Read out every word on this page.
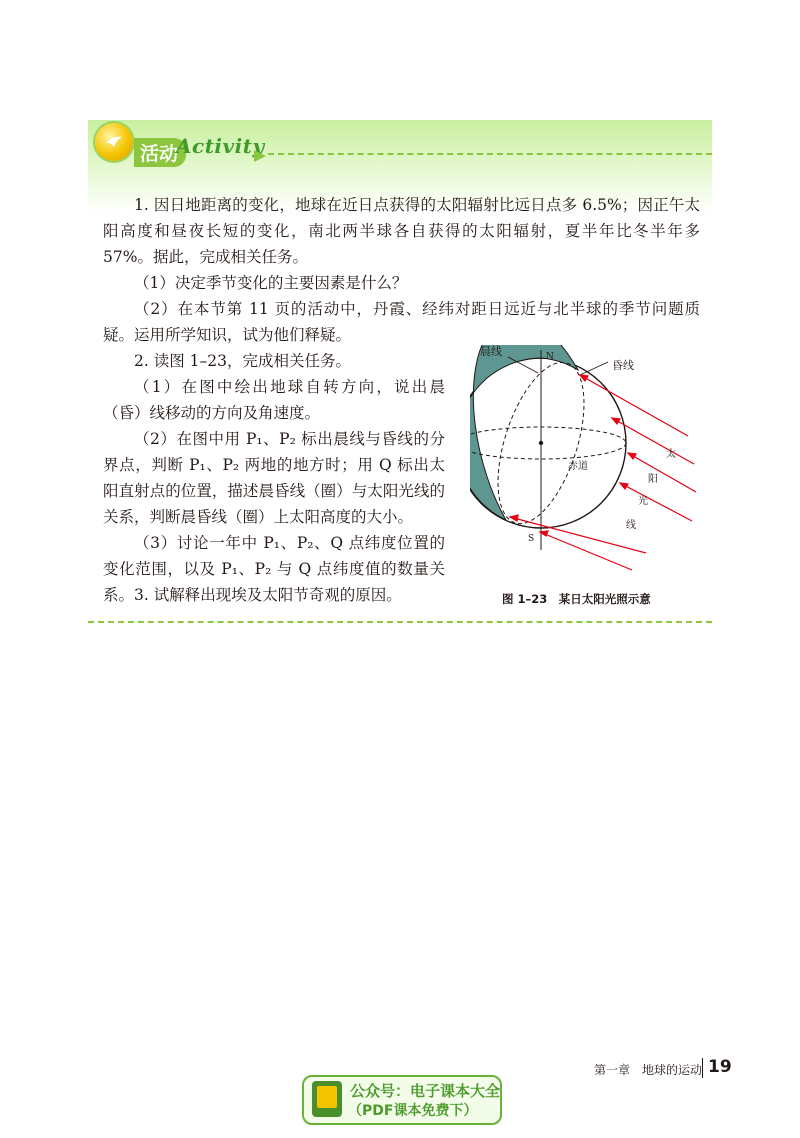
活动
Activity

1. 因日地距离的变化，地球在近日点获得的太阳辐射比远日点多 6.5%；因正午太阳高度和昼夜长短的变化，南北两半球各自获得的太阳辐射，夏半年比冬半年多 57%。据此，完成相关任务。

（1）决定季节变化的主要因素是什么？

（2）在本节第 11 页的活动中，丹霞、经纬对距日远近与北半球的季节问题质疑。运用所学知识，试为他们释疑。

2. 读图 1–23，完成相关任务。

（1）在图中绘出地球自转方向，说出晨（昏）线移动的方向及角速度。

（2）在图中用 P₁、P₂ 标出晨线与昏线的分界点，判断 P₁、P₂ 两地的地方时；用 Q 标出太阳直射点的位置，描述晨昏线（圈）与太阳光线的关系，判断晨昏线（圈）上太阳高度的大小。

（3）讨论一年中 P₁、P₂、Q 点纬度位置的变化范围，以及 P₁、P₂ 与 Q 点纬度值的数量关系。 3. 试解释出现埃及太阳节奇观的原因。

晨线
昏线
N
S
赤道
太
阳
光
线
图 1–23　某日太阳光照示意
第一章　地球的运动 19
公众号：电子课本大全
（PDF课本免费下）
